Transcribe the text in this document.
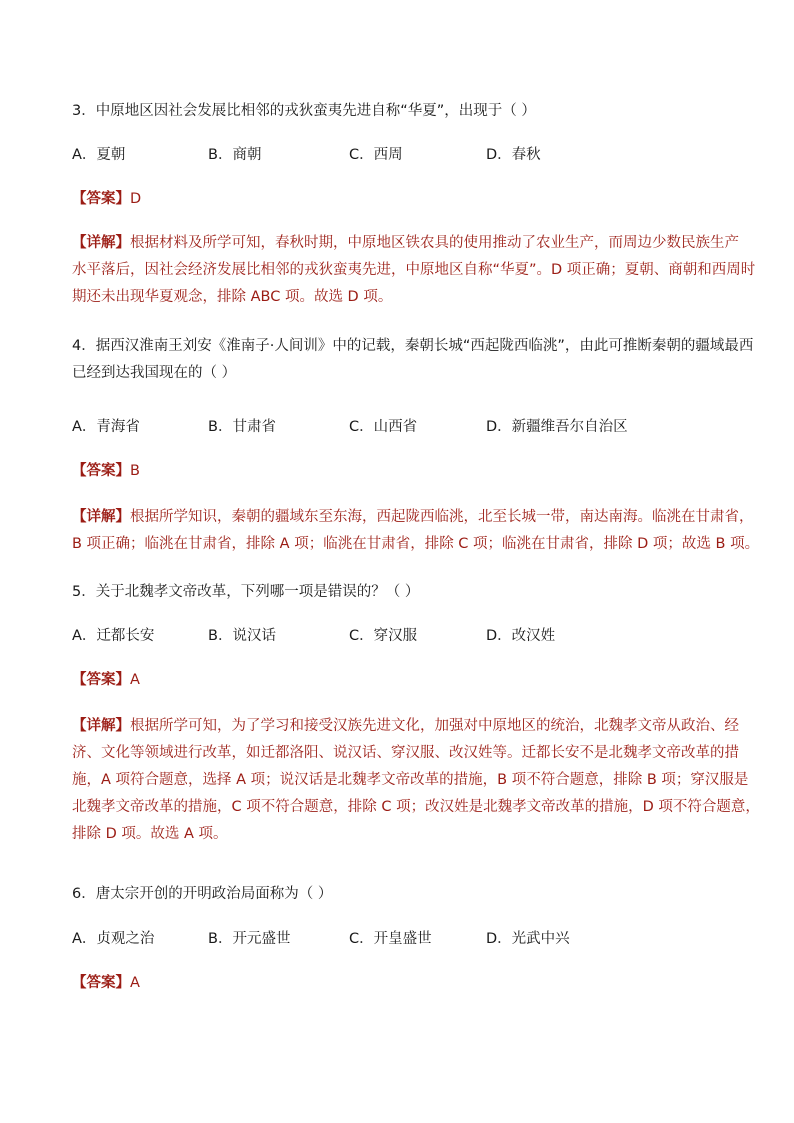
3．中原地区因社会发展比相邻的戎狄蛮夷先进自称“华夏”，出现于（ ）
A．夏朝	B．商朝	C．西周	D．春秋
【答案】D
【详解】根据材料及所学可知，春秋时期，中原地区铁农具的使用推动了农业生产，而周边少数民族生产
水平落后，因社会经济发展比相邻的戎狄蛮夷先进，中原地区自称“华夏”。D 项正确；夏朝、商朝和西周时
期还未出现华夏观念，排除 ABC 项。故选 D 项。
4．据西汉淮南王刘安《淮南子·人间训》中的记载，秦朝长城“西起陇西临洮”，由此可推断秦朝的疆域最西
已经到达我国现在的（ ）
A．青海省	B．甘肃省	C．山西省	D．新疆维吾尔自治区
【答案】B
【详解】根据所学知识，秦朝的疆域东至东海，西起陇西临洮，北至长城一带，南达南海。临洮在甘肃省，
B 项正确；临洮在甘肃省，排除 A 项；临洮在甘肃省，排除 C 项；临洮在甘肃省，排除 D 项；故选 B 项。
5．关于北魏孝文帝改革，下列哪一项是错误的？（ ）
A．迁都长安	B．说汉话	C．穿汉服	D．改汉姓
【答案】A
【详解】根据所学可知，为了学习和接受汉族先进文化，加强对中原地区的统治，北魏孝文帝从政治、经
济、文化等领域进行改革，如迁都洛阳、说汉话、穿汉服、改汉姓等。迁都长安不是北魏孝文帝改革的措
施，A 项符合题意，选择 A 项；说汉话是北魏孝文帝改革的措施，B 项不符合题意，排除 B 项；穿汉服是
北魏孝文帝改革的措施，C 项不符合题意，排除 C 项；改汉姓是北魏孝文帝改革的措施，D 项不符合题意，
排除 D 项。故选 A 项。
6．唐太宗开创的开明政治局面称为（ ）
A．贞观之治	B．开元盛世	C．开皇盛世	D．光武中兴
【答案】A
